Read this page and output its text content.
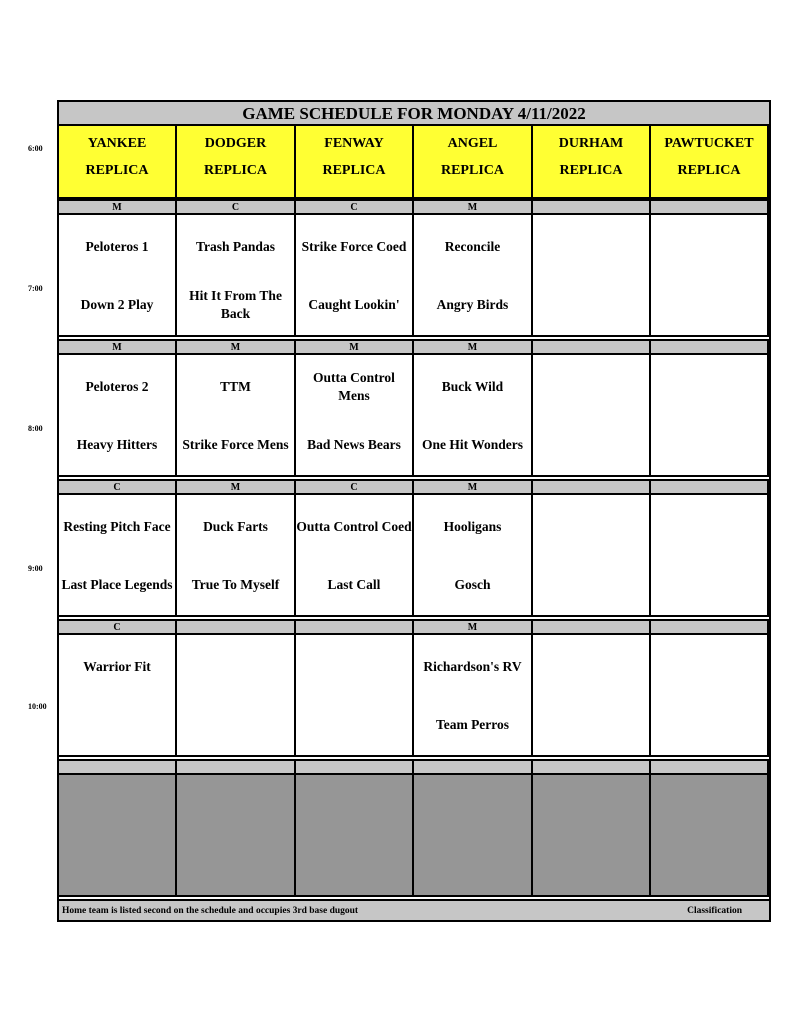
GAME SCHEDULE FOR MONDAY 4/11/2022
YANKEE
REPLICA
DODGER
REPLICA
FENWAY
REPLICA
ANGEL
REPLICA
DURHAM
REPLICA
PAWTUCKET
REPLICA
M
Peloteros 1
Down 2 Play
C
Trash Pandas
Hit It From The Back
C
Strike Force Coed
Caught Lookin'
M
Reconcile
Angry Birds
M
Peloteros 2
Heavy Hitters
M
TTM
Strike Force Mens
M
Outta Control Mens
Bad News Bears
M
Buck Wild
One Hit Wonders
C
Resting Pitch Face
Last Place Legends
M
Duck Farts
True To Myself
C
Outta Control Coed
Last Call
M
Hooligans
Gosch
C
Warrior Fit
M
Richardson's RV
Team Perros
Home team is listed second on the schedule and occupies 3rd base dugout	Classification
6:00
7:00
8:00
9:00
10:00
